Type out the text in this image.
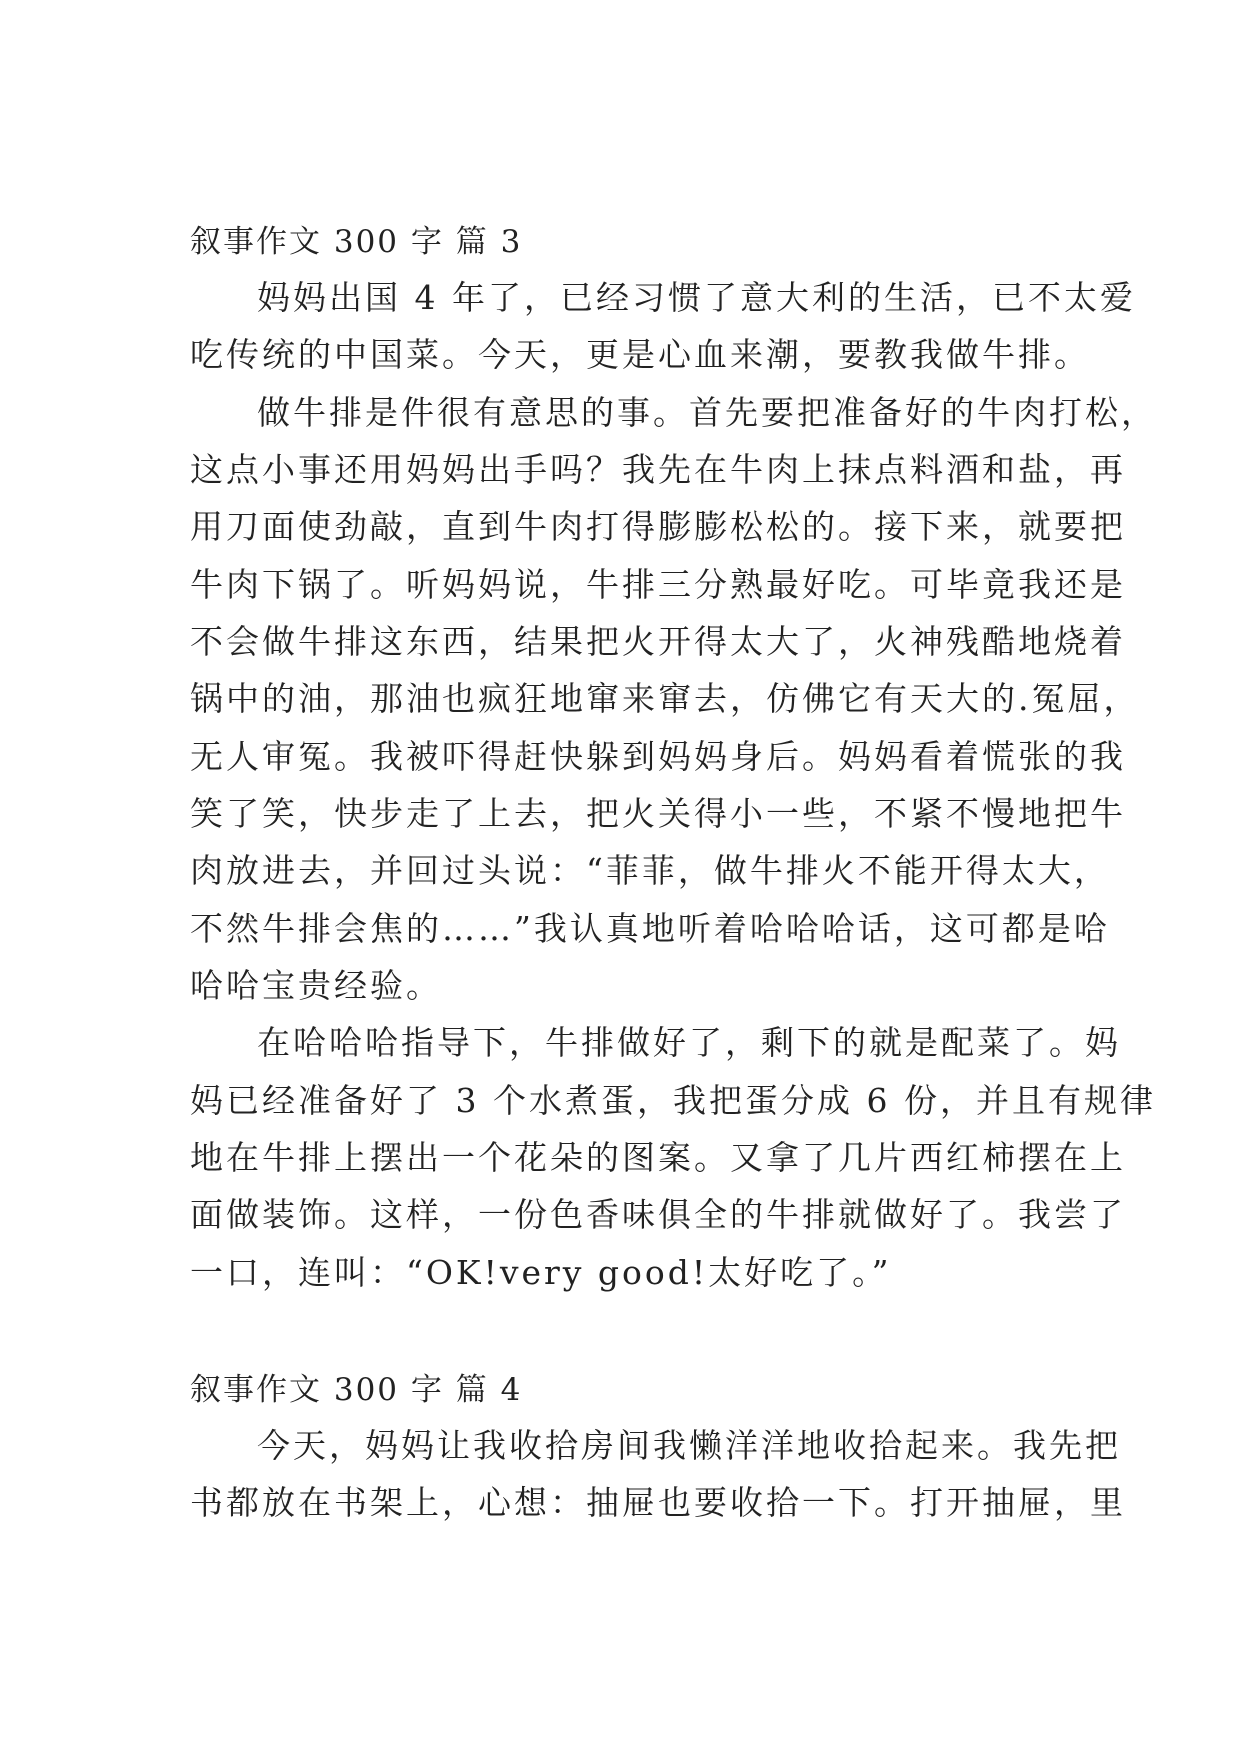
叙事作文 300 字 篇 3
妈妈出国 4 年了，已经习惯了意大利的生活，已不太爱
吃传统的中国菜。今天，更是心血来潮，要教我做牛排。
做牛排是件很有意思的事。首先要把准备好的牛肉打松，
这点小事还用妈妈出手吗？我先在牛肉上抹点料酒和盐，再
用刀面使劲敲，直到牛肉打得膨膨松松的。接下来，就要把
牛肉下锅了。听妈妈说，牛排三分熟最好吃。可毕竟我还是
不会做牛排这东西，结果把火开得太大了，火神残酷地烧着
锅中的油，那油也疯狂地窜来窜去，仿佛它有天大的.冤屈，
无人审冤。我被吓得赶快躲到妈妈身后。妈妈看着慌张的我
笑了笑，快步走了上去，把火关得小一些，不紧不慢地把牛
肉放进去，并回过头说：“菲菲，做牛排火不能开得太大，
不然牛排会焦的……”我认真地听着哈哈哈话，这可都是哈
哈哈宝贵经验。
在哈哈哈指导下，牛排做好了，剩下的就是配菜了。妈
妈已经准备好了 3 个水煮蛋，我把蛋分成 6 份，并且有规律
地在牛排上摆出一个花朵的图案。又拿了几片西红柿摆在上
面做装饰。这样，一份色香味俱全的牛排就做好了。我尝了
一口，连叫：“OK!very good!太好吃了。”
叙事作文 300 字 篇 4
今天，妈妈让我收拾房间我懒洋洋地收拾起来。我先把
书都放在书架上，心想：抽屉也要收拾一下。打开抽屉，里
